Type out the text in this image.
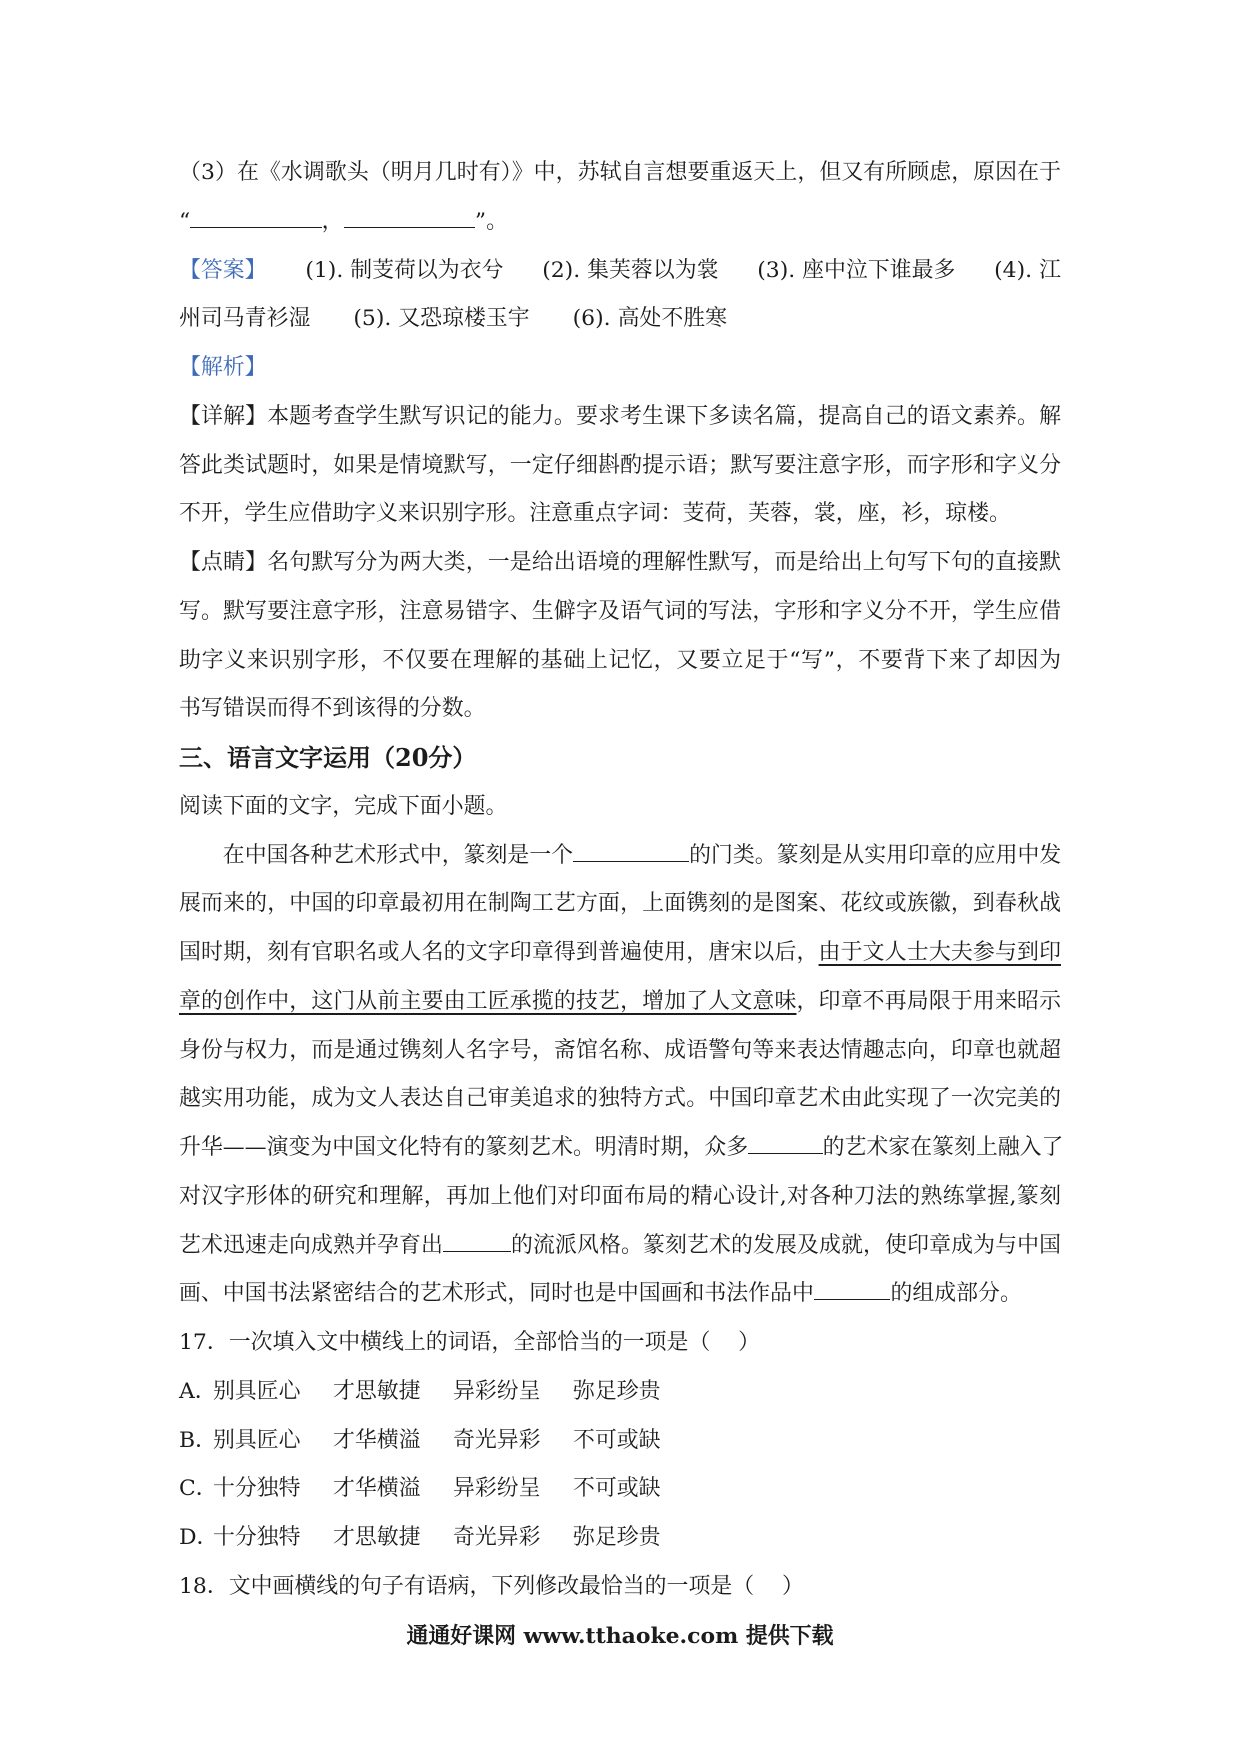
（3）在《水调歌头（明月几时有）》中，苏轼自言想要重返天上，但又有所顾虑，原因在于
“	，	”。
【答案】 (1). 制芰荷以为衣兮 (2). 集芙蓉以为裳 (3). 座中泣下谁最多 (4). 江
州司马青衫湿 (5). 又恐琼楼玉宇 (6). 高处不胜寒
【解析】
【详解】本题考查学生默写识记的能力。要求考生课下多读名篇，提高自己的语文素养。解
答此类试题时，如果是情境默写，一定仔细斟酌提示语；默写要注意字形，而字形和字义分
不开，学生应借助字义来识别字形。注意重点字词：芰荷，芙蓉，裳，座，衫，琼楼。
【点睛】名句默写分为两大类，一是给出语境的理解性默写，而是给出上句写下句的直接默
写。默写要注意字形，注意易错字、生僻字及语气词的写法，字形和字义分不开，学生应借
助字义来识别字形，不仅要在理解的基础上记忆，又要立足于“写”，不要背下来了却因为
书写错误而得不到该得的分数。
三、语言文字运用（20分）
阅读下面的文字，完成下面小题。
在中国各种艺术形式中，篆刻是一个	的门类。篆刻是从实用印章的应用中发
展而来的，中国的印章最初用在制陶工艺方面，上面镌刻的是图案、花纹或族徽，到春秋战
国时期，刻有官职名或人名的文字印章得到普遍使用，唐宋以后，由于文人士大夫参与到印
章的创作中，这门从前主要由工匠承揽的技艺，增加了人文意味，印章不再局限于用来昭示
身份与权力，而是通过镌刻人名字号，斋馆名称、成语警句等来表达情趣志向，印章也就超
越实用功能，成为文人表达自己审美追求的独特方式。中国印章艺术由此实现了一次完美的
升华——演变为中国文化特有的篆刻艺术。明清时期，众多	的艺术家在篆刻上融入了
对汉字形体的研究和理解，再加上他们对印面布局的精心设计,对各种刀法的熟练掌握,篆刻
艺术迅速走向成熟并孕育出	的流派风格。篆刻艺术的发展及成就，使印章成为与中国
画、中国书法紧密结合的艺术形式，同时也是中国画和书法作品中	的组成部分。
17．一次填入文中横线上的词语，全部恰当的一项是（    ）
A．别具匠心 才思敏捷 异彩纷呈 弥足珍贵
B．别具匠心 才华横溢 奇光异彩 不可或缺
C．十分独特 才华横溢 异彩纷呈 不可或缺
D．十分独特 才思敏捷 奇光异彩 弥足珍贵
18．文中画横线的句子有语病，下列修改最恰当的一项是（    ）
通通好课网 www.tthaoke.com 提供下载
